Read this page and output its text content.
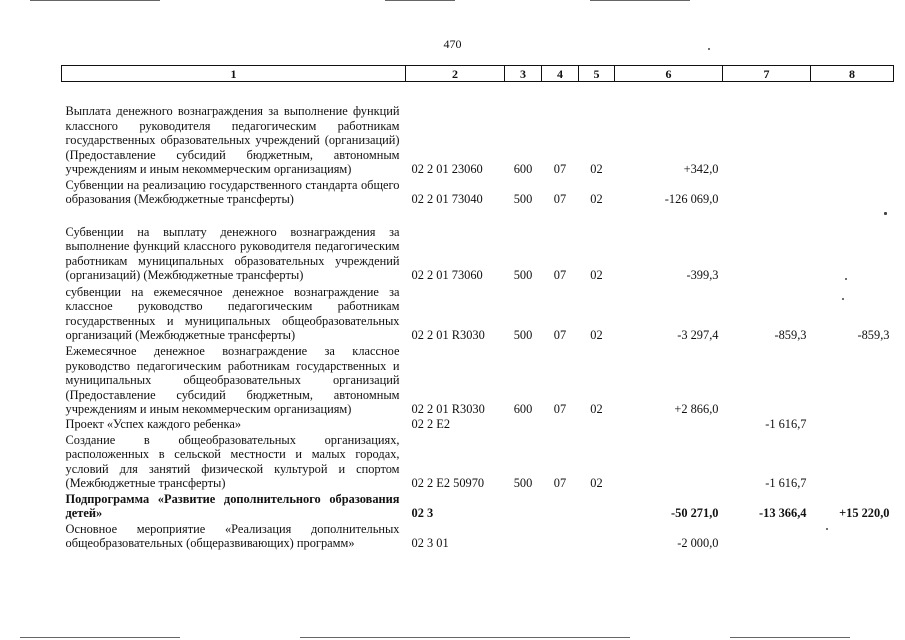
470
1	2	3	4	5	6	7	8
Выплата денежного вознаграждения за выполнение функций классного руководителя педагогическим работникам государственных образовательных учреждений (организаций) (Предоставление субсидий бюджетным, автономным учреждениям и иным некоммерческим организациям)	02 2 01 23060	600	07	02	+342,0		
Субвенции на реализацию государственного стандарта общего образования (Межбюджетные трансферты)	02 2 01 73040	500	07	02	-126 069,0		
Субвенции на выплату денежного вознаграждения за выполнение функций классного руководителя педагогическим работникам муниципальных образовательных учреждений (организаций) (Межбюджетные трансферты)	02 2 01 73060	500	07	02	-399,3		
субвенции на ежемесячное денежное вознаграждение за классное руководство педагогическим работникам государственных и муниципальных общеобразовательных организаций (Межбюджетные трансферты)	02 2 01 R3030	500	07	02	-3 297,4	-859,3	-859,3
Ежемесячное денежное вознаграждение за классное руководство педагогическим работникам государственных и муниципальных общеобразовательных организаций (Предоставление субсидий бюджетным, автономным учреждениям и иным некоммерческим организациям)	02 2 01 R3030	600	07	02	+2 866,0		
Проект «Успех каждого ребенка»	02 2 E2					-1 616,7	
Создание в общеобразовательных организациях, расположенных в сельской местности и малых городах, условий для занятий физической культурой и спортом (Межбюджетные трансферты)	02 2 E2 50970	500	07	02		-1 616,7	
Подпрограмма «Развитие дополнительного образования детей»	02 3				-50 271,0	-13 366,4	+15 220,0
Основное мероприятие «Реализация дополнительных общеобразовательных (общеразвивающих) программ»	02 3 01				-2 000,0		
